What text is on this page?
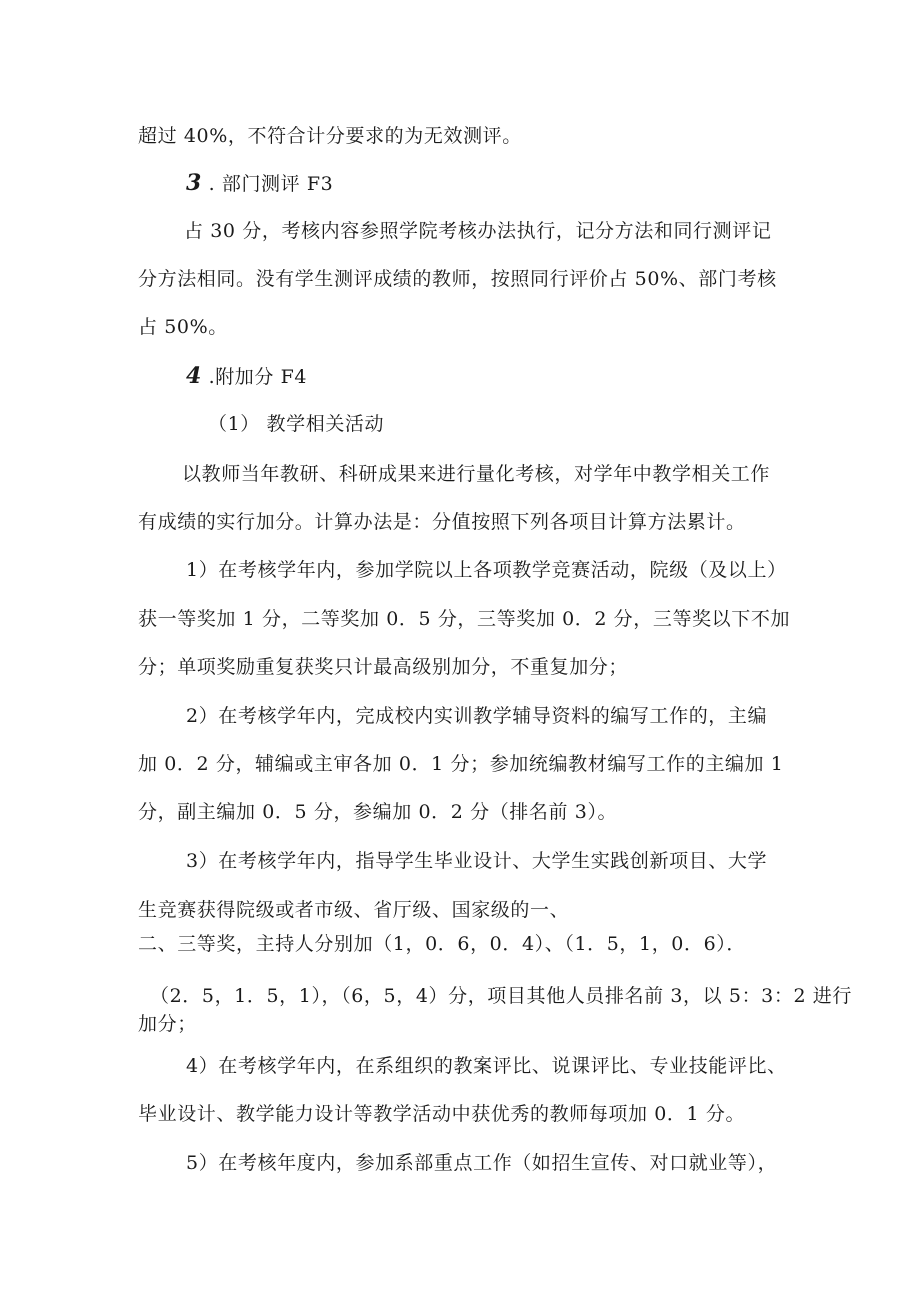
超过 40%，不符合计分要求的为无效测评。
3 . 部门测评 F3
占 30 分，考核内容参照学院考核办法执行，记分方法和同行测评记
分方法相同。没有学生测评成绩的教师，按照同行评价占 50%、部门考核
占 50%。
4 .附加分 F4
（1） 教学相关活动
以教师当年教研、科研成果来进行量化考核，对学年中教学相关工作
有成绩的实行加分。计算办法是：分值按照下列各项目计算方法累计。
1）在考核学年内，参加学院以上各项教学竞赛活动，院级（及以上）
获一等奖加 1 分，二等奖加 0．5 分，三等奖加 0．2 分，三等奖以下不加
分；单项奖励重复获奖只计最高级别加分，不重复加分；
2）在考核学年内，完成校内实训教学辅导资料的编写工作的，主编
加 0．2 分，辅编或主审各加 0．1 分；参加统编教材编写工作的主编加 1
分，副主编加 0．5 分，参编加 0．2 分（排名前 3）。
3）在考核学年内，指导学生毕业设计、大学生实践创新项目、大学
生竞赛获得院级或者市级、省厅级、国家级的一、
二、三等奖，主持人分别加（1，0．6，0．4）、（1．5，1，0．6）．
（2．5，1．5，1），（6，5，4）分，项目其他人员排名前 3，以 5：3：2 进行
加分；
4）在考核学年内，在系组织的教案评比、说课评比、专业技能评比、
毕业设计、教学能力设计等教学活动中获优秀的教师每项加 0．1 分。
5）在考核年度内，参加系部重点工作（如招生宣传、对口就业等），
